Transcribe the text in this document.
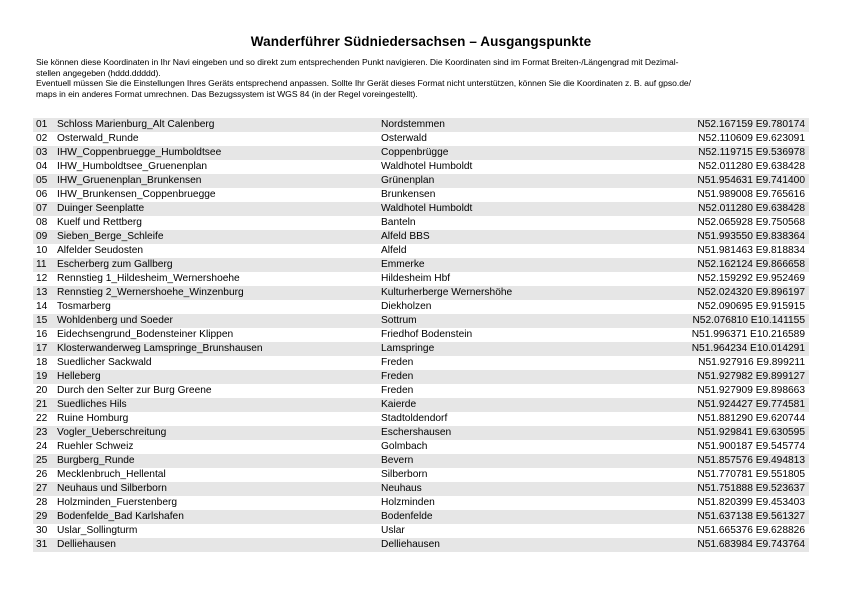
Wanderführer Südniedersachsen – Ausgangspunkte

Sie können diese Koordinaten in Ihr Navi eingeben und so direkt zum entsprechenden Punkt navigieren. Die Koordinaten sind im Format Breiten-/Längengrad mit Dezimal-

stellen angegeben (hddd.ddddd).

Eventuell müssen Sie die Einstellungen Ihres Geräts entsprechend anpassen. Sollte Ihr Gerät dieses Format nicht unterstützen, können Sie die Koordinaten z. B. auf gpso.de/

maps in ein anderes Format umrechnen. Das Bezugssystem ist WGS 84 (in der Regel voreingestellt).

01 Schloss Marienburg_Alt Calenberg	Nordstemmen	N52.167159 E9.780174
02 Osterwald_Runde	Osterwald	N52.110609 E9.623091
03 IHW_Coppenbruegge_Humboldtsee	Coppenbrügge	N52.119715 E9.536978
04 IHW_Humboldtsee_Gruenenplan	Waldhotel Humboldt	N52.011280 E9.638428
05 IHW_Gruenenplan_Brunkensen	Grünenplan	N51.954631 E9.741400
06 IHW_Brunkensen_Coppenbruegge	Brunkensen	N51.989008 E9.765616
07 Duinger Seenplatte	Waldhotel Humboldt	N52.011280 E9.638428
08 Kuelf und Rettberg	Banteln	N52.065928 E9.750568
09 Sieben_Berge_Schleife	Alfeld BBS	N51.993550 E9.838364
10 Alfelder Seudosten	Alfeld	N51.981463 E9.818834
11 Escherberg zum Gallberg	Emmerke	N52.162124 E9.866658
12 Rennstieg 1_Hildesheim_Wernershoehe	Hildesheim Hbf	N52.159292 E9.952469
13 Rennstieg 2_Wernershoehe_Winzenburg	Kulturherberge Wernershöhe	N52.024320 E9.896197
14 Tosmarberg	Diekholzen	N52.090695 E9.915915
15 Wohldenberg und Soeder	Sottrum	N52.076810 E10.141155
16 Eidechsengrund_Bodensteiner Klippen	Friedhof Bodenstein	N51.996371 E10.216589
17 Klosterwanderweg Lamspringe_Brunshausen	Lamspringe	N51.964234 E10.014291
18 Suedlicher Sackwald	Freden	N51.927916 E9.899211
19 Helleberg	Freden	N51.927982 E9.899127
20 Durch den Selter zur Burg Greene	Freden	N51.927909 E9.898663
21 Suedliches Hils	Kaierde	N51.924427 E9.774581
22 Ruine Homburg	Stadtoldendorf	N51.881290 E9.620744
23 Vogler_Ueberschreitung	Eschershausen	N51.929841 E9.630595
24 Ruehler Schweiz	Golmbach	N51.900187 E9.545774
25 Burgberg_Runde	Bevern	N51.857576 E9.494813
26 Mecklenbruch_Hellental	Silberborn	N51.770781 E9.551805
27 Neuhaus und Silberborn	Neuhaus	N51.751888 E9.523637
28 Holzminden_Fuerstenberg	Holzminden	N51.820399 E9.453403
29 Bodenfelde_Bad Karlshafen	Bodenfelde	N51.637138 E9.561327
30 Uslar_Sollingturm	Uslar	N51.665376 E9.628826
31 Delliehausen	Delliehausen	N51.683984 E9.743764
